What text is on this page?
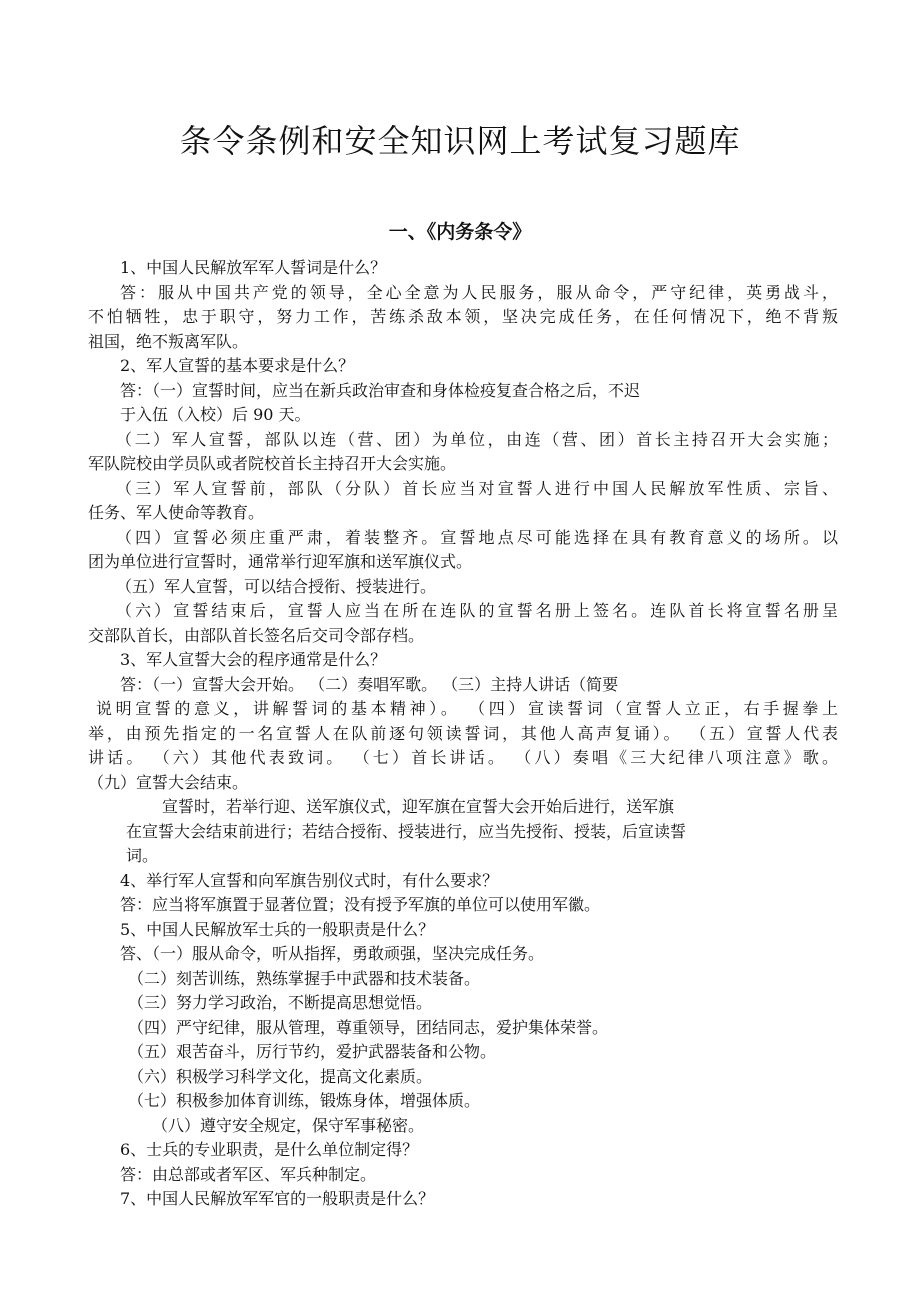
条令条例和安全知识网上考试复习题库
一、《内务条令》
1、中国人民解放军军人誓词是什么？
答：服从中国共产党的领导，全心全意为人民服务，服从命令，严守纪律，英勇战斗，
不怕牺牲，忠于职守，努力工作，苦练杀敌本领，坚决完成任务，在任何情况下，绝不背叛
祖国，绝不叛离军队。
2、军人宣誓的基本要求是什么？
答：（一）宣誓时间，应当在新兵政治审查和身体检疫复查合格之后，不迟
于入伍（入校）后 90 天。
（二）军人宣誓，部队以连（营、团）为单位，由连（营、团）首长主持召开大会实施；
军队院校由学员队或者院校首长主持召开大会实施。
（三）军人宣誓前，部队（分队）首长应当对宣誓人进行中国人民解放军性质、宗旨、
任务、军人使命等教育。
（四）宣誓必须庄重严肃，着装整齐。宣誓地点尽可能选择在具有教育意义的场所。以
团为单位进行宣誓时，通常举行迎军旗和送军旗仪式。
（五）军人宣誓，可以结合授衔、授装进行。
（六）宣誓结束后，宣誓人应当在所在连队的宣誓名册上签名。连队首长将宣誓名册呈
交部队首长，由部队首长签名后交司令部存档。
3、军人宣誓大会的程序通常是什么？
答：（一）宣誓大会开始。 （二）奏唱军歌。 （三）主持人讲话（简要
说明宣誓的意义，讲解誓词的基本精神）。 （四）宣读誓词（宣誓人立正，右手握拳上
举，由预先指定的一名宣誓人在队前逐句领读誓词，其他人高声复诵）。 （五）宣誓人代表
讲话。 （六）其他代表致词。 （七）首长讲话。 （八）奏唱《三大纪律八项注意》歌。
（九）宣誓大会结束。
宣誓时，若举行迎、送军旗仪式，迎军旗在宣誓大会开始后进行，送军旗
在宣誓大会结束前进行；若结合授衔、授装进行，应当先授衔、授装，后宣读誓
词。
4、举行军人宣誓和向军旗告别仪式时，有什么要求？
答：应当将军旗置于显著位置；没有授予军旗的单位可以使用军徽。
5、中国人民解放军士兵的一般职责是什么？
答、（一）服从命令，听从指挥，勇敢顽强，坚决完成任务。
（二）刻苦训练，熟练掌握手中武器和技术装备。
（三）努力学习政治，不断提高思想觉悟。
（四）严守纪律，服从管理，尊重领导，团结同志，爱护集体荣誉。
（五）艰苦奋斗，厉行节约，爱护武器装备和公物。
（六）积极学习科学文化，提高文化素质。
（七）积极参加体育训练，锻炼身体，增强体质。
（八）遵守安全规定，保守军事秘密。
6、士兵的专业职责，是什么单位制定得？
答：由总部或者军区、军兵种制定。
7、中国人民解放军军官的一般职责是什么？
